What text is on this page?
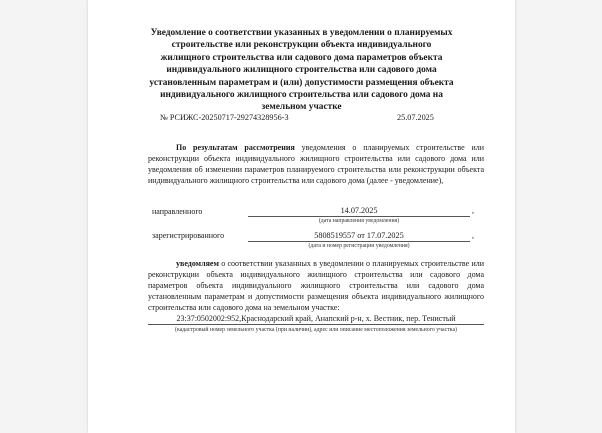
Уведомление о соответствии указанных в уведомлении о планируемых строительстве или реконструкции объекта индивидуального жилищного строительства или садового дома параметров объекта индивидуального жилищного строительства или садового дома установленным параметрам и (или) допустимости размещения объекта индивидуального жилищного строительства или садового дома на земельном участке
№ РСИЖС-20250717-29274328956-3	25.07.2025
По результатам рассмотрения уведомления о планируемых строительстве или реконструкции объекта индивидуального жилищного строительства или садового дома или уведомления об изменении параметров планируемого строительства или реконструкции объекта индивидуального жилищного строительства или садового дома (далее - уведомление),
направленного	14.07.2025	,
(дата направления уведомления)
зарегистрированного	5808519557 от 17.07.2025	,
(дата и номер регистрации уведомления)
уведомляем о соответствии указанных в уведомлении о планируемых строительстве или реконструкции объекта индивидуального жилищного строительства или садового дома параметров объекта индивидуального жилищного строительства или садового дома установленным параметрам и допустимости размещения объекта индивидуального жилищного строительства или садового дома на земельном участке:
23:37:0502002:952,Краснодарский край, Анапский р-н, х. Вестник, пер. Тенистый
(кадастровый номер земельного участка (при наличии), адрес или описание местоположения земельного участка)
